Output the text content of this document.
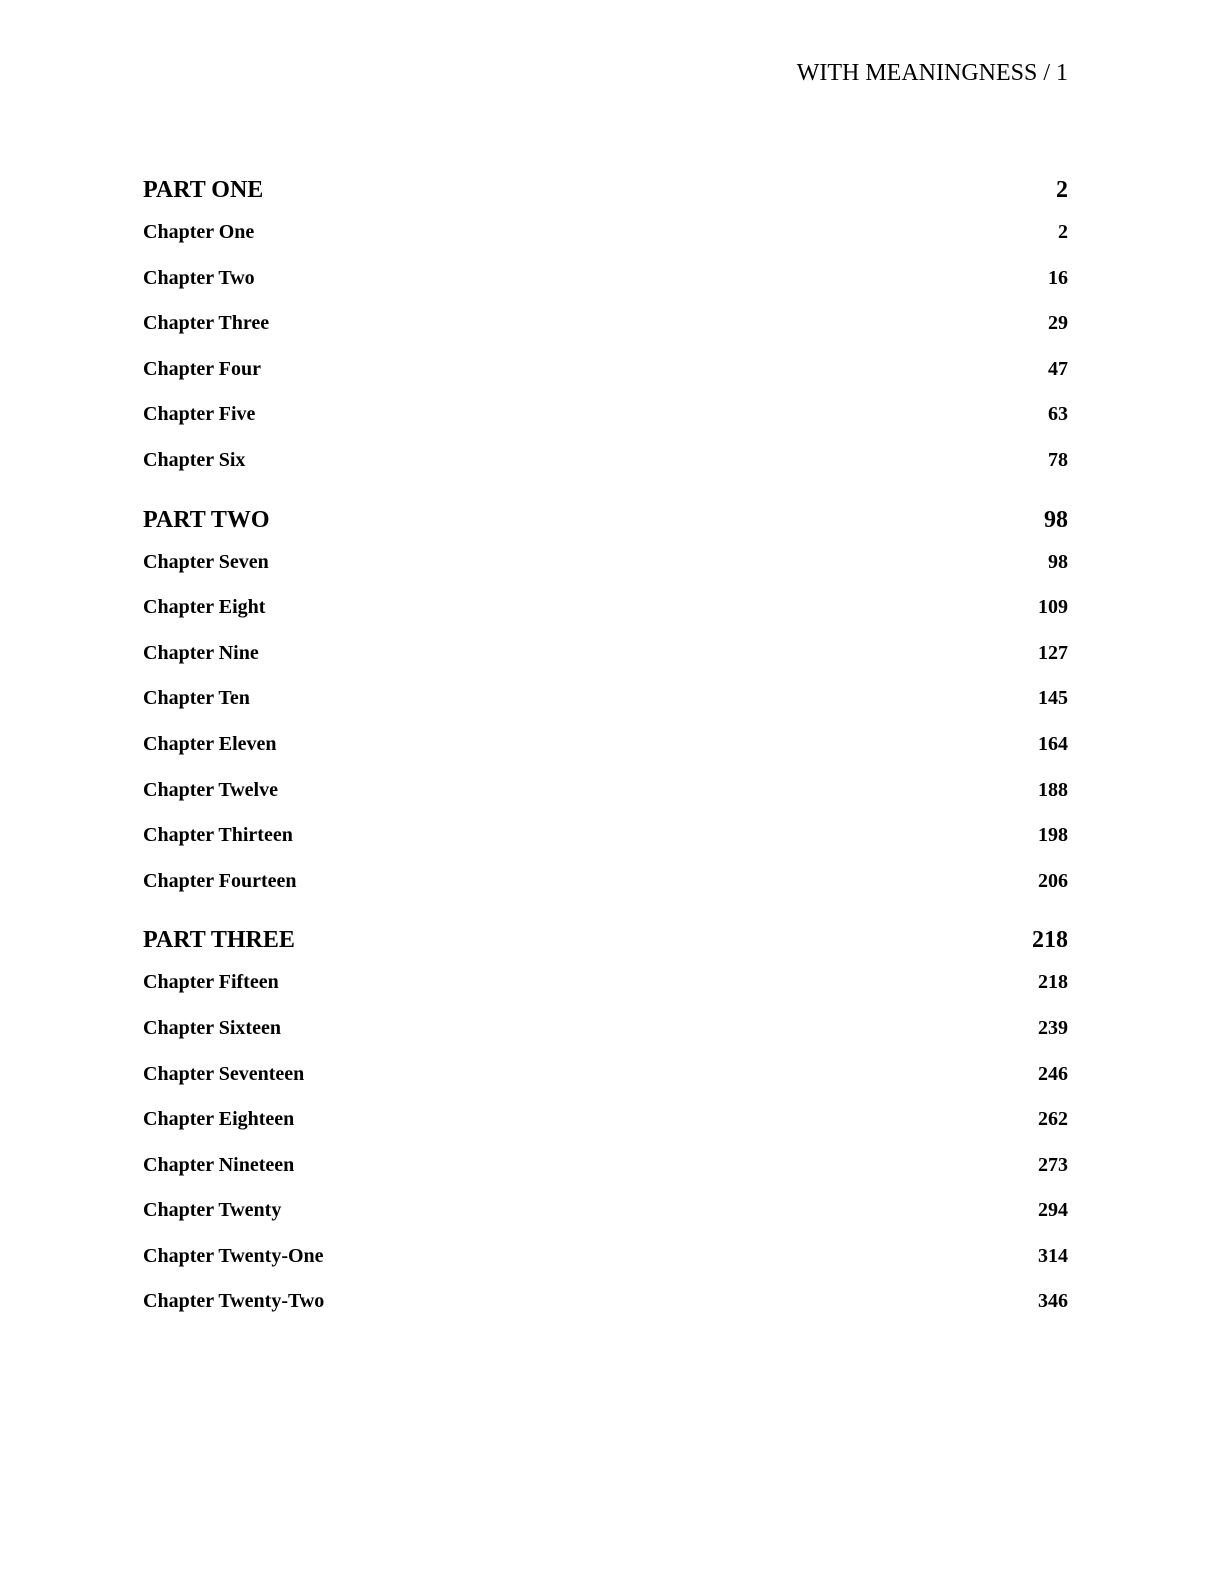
WITH MEANINGNESS / 1
PART ONE	2
Chapter One	2
Chapter Two	16
Chapter Three	29
Chapter Four	47
Chapter Five	63
Chapter Six	78
PART TWO	98
Chapter Seven	98
Chapter Eight	109
Chapter Nine	127
Chapter Ten	145
Chapter Eleven	164
Chapter Twelve	188
Chapter Thirteen	198
Chapter Fourteen	206
PART THREE	218
Chapter Fifteen	218
Chapter Sixteen	239
Chapter Seventeen	246
Chapter Eighteen	262
Chapter Nineteen	273
Chapter Twenty	294
Chapter Twenty-One	314
Chapter Twenty-Two	346
